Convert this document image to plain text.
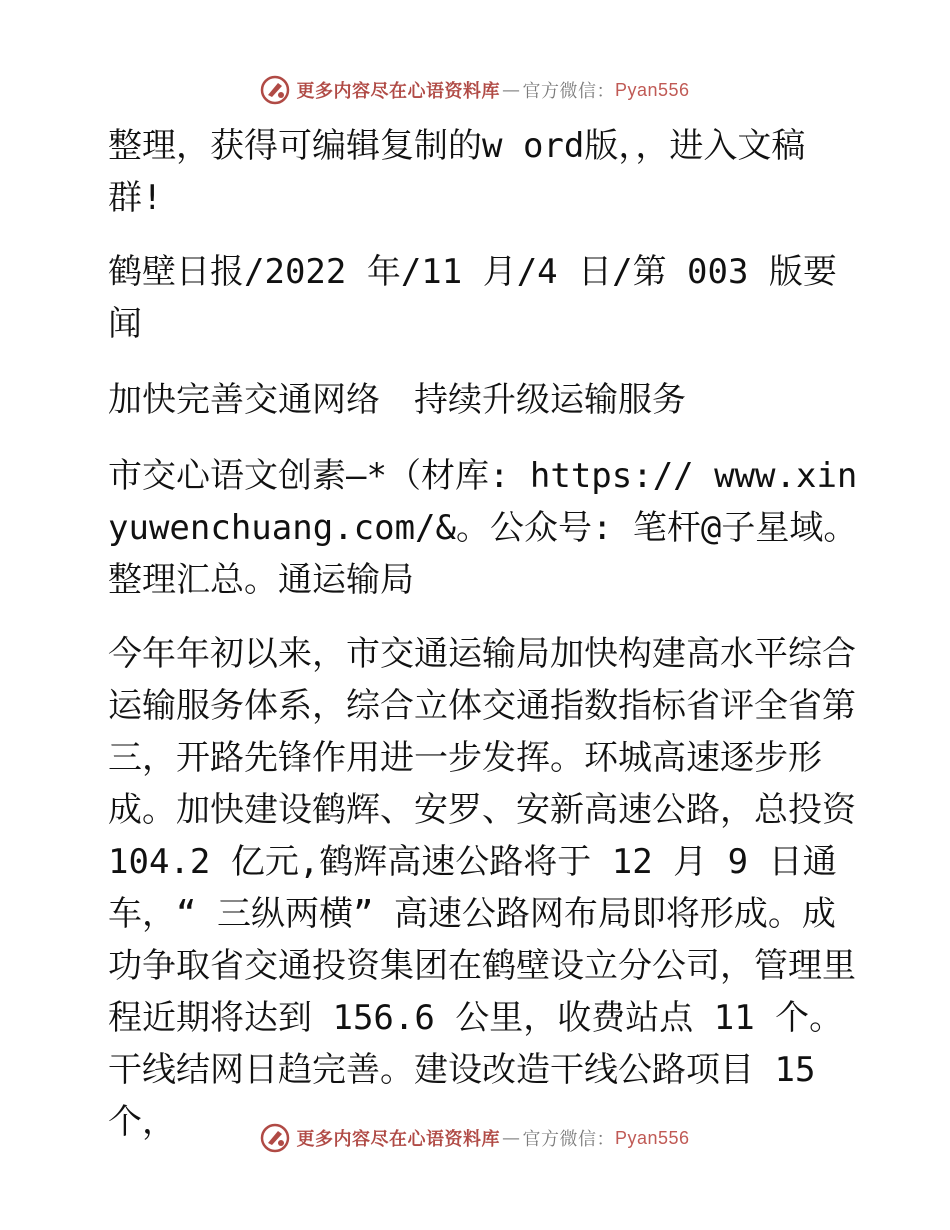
更多内容尽在心语资料库 — 官方微信： Pyan556

整理，获得可编辑复制的w ord版，，进入文稿群!

鹤壁日报/2022 年/11 月/4 日/第 003 版要闻

加快完善交通网络　持续升级运输服务

市交心语文创素—*（材库: https:// www.xinyuwenchuang.com/&。公众号: 笔杆@子星域。整理汇总。通运输局

今年年初以来，市交通运输局加快构建高水平综合运输服务体系，综合立体交通指数指标省评全省第三，开路先锋作用进一步发挥。环城高速逐步形成。加快建设鹤辉、安罗、安新高速公路，总投资 104.2 亿元,鹤辉高速公路将于 12 月 9 日通车，“ 三纵两横” 高速公路网布局即将形成。成功争取省交通投资集团在鹤壁设立分公司，管理里程近期将达到 156.6 公里，收费站点 11 个。干线结网日趋完善。建设改造干线公路项目 15 个，	更多内容尽在心语资料库 — 官方微信： Pyan556
